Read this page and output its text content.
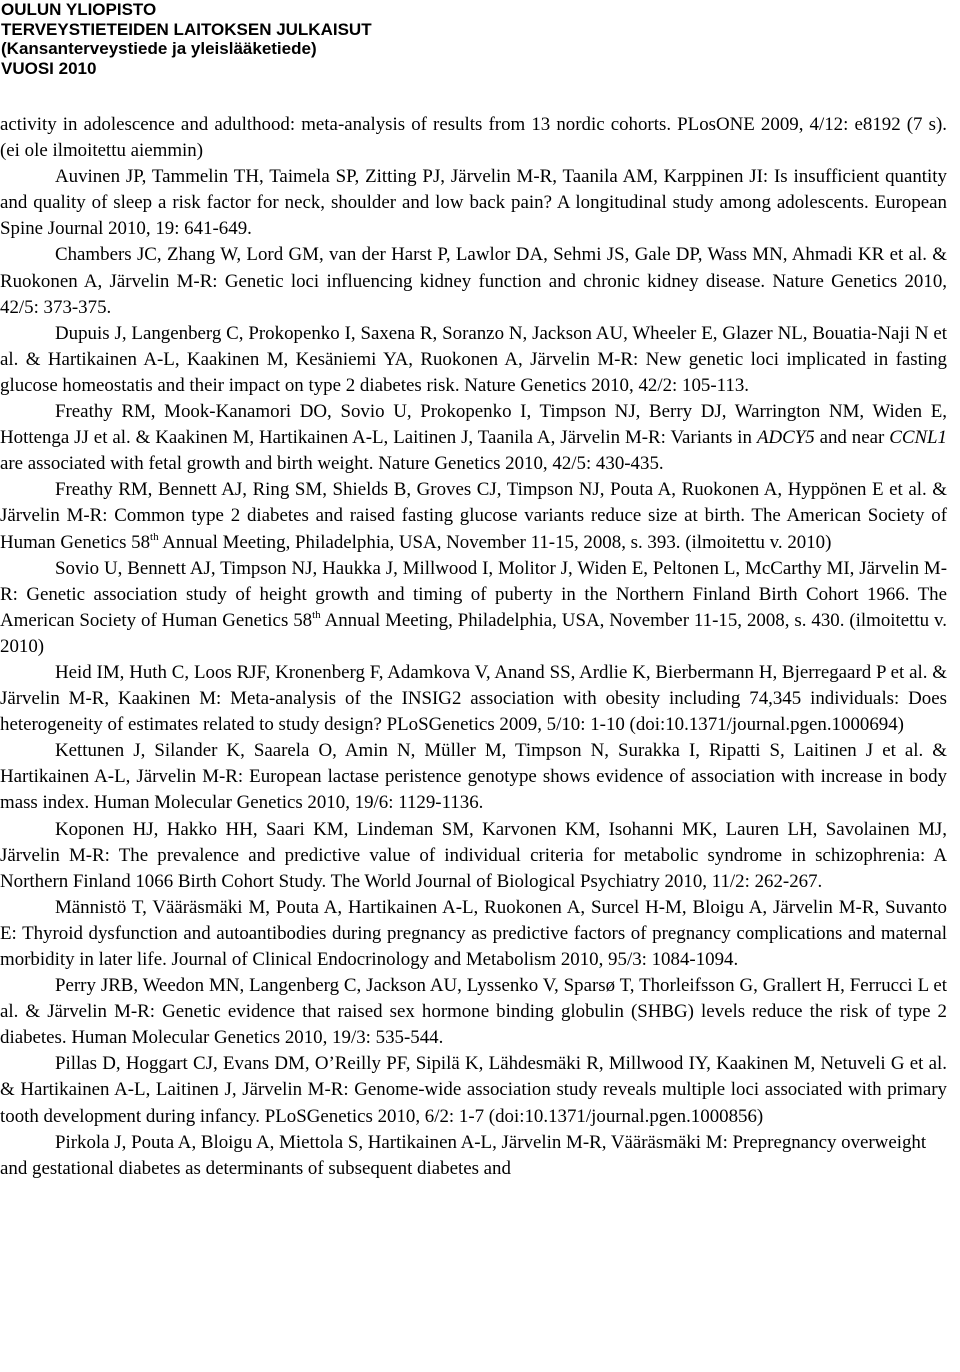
OULUN YLIOPISTO
TERVEYSTIETEIDEN LAITOKSEN JULKAISUT
(Kansanterveystiede ja yleislääketiede)
VUOSI 2010

activity in adolescence and adulthood: meta-analysis of results from 13 nordic cohorts. PLosONE 2009, 4/12: e8192 (7 s). (ei ole ilmoitettu aiemmin)

Auvinen JP, Tammelin TH, Taimela SP, Zitting PJ, Järvelin M-R, Taanila AM, Karppinen JI: Is insufficient quantity and quality of sleep a risk factor for neck, shoulder and low back pain? A longitudinal study among adolescents. European Spine Journal 2010, 19: 641-649.

Chambers JC, Zhang W, Lord GM, van der Harst P, Lawlor DA, Sehmi JS, Gale DP, Wass MN, Ahmadi KR et al. & Ruokonen A, Järvelin M-R: Genetic loci influencing kidney function and chronic kidney disease. Nature Genetics 2010, 42/5: 373-375.

Dupuis J, Langenberg C, Prokopenko I, Saxena R, Soranzo N, Jackson AU, Wheeler E, Glazer NL, Bouatia-Naji N et al. & Hartikainen A-L, Kaakinen M, Kesäniemi YA, Ruokonen A, Järvelin M-R: New genetic loci implicated in fasting glucose homeostatis and their impact on type 2 diabetes risk. Nature Genetics 2010, 42/2: 105-113.

Freathy RM, Mook-Kanamori DO, Sovio U, Prokopenko I, Timpson NJ, Berry DJ, Warrington NM, Widen E, Hottenga JJ et al. & Kaakinen M, Hartikainen A-L, Laitinen J, Taanila A, Järvelin M-R: Variants in ADCY5 and near CCNL1 are associated with fetal growth and birth weight. Nature Genetics 2010, 42/5: 430-435.

Freathy RM, Bennett AJ, Ring SM, Shields B, Groves CJ, Timpson NJ, Pouta A, Ruokonen A, Hyppönen E et al. & Järvelin M-R: Common type 2 diabetes and raised fasting glucose variants reduce size at birth. The American Society of Human Genetics 58th Annual Meeting, Philadelphia, USA, November 11-15, 2008, s. 393. (ilmoitettu v. 2010)

Sovio U, Bennett AJ, Timpson NJ, Haukka J, Millwood I, Molitor J, Widen E, Peltonen L, McCarthy MI, Järvelin M-R: Genetic association study of height growth and timing of puberty in the Northern Finland Birth Cohort 1966. The American Society of Human Genetics 58th Annual Meeting, Philadelphia, USA, November 11-15, 2008, s. 430. (ilmoitettu v. 2010)

Heid IM, Huth C, Loos RJF, Kronenberg F, Adamkova V, Anand SS, Ardlie K, Bierbermann H, Bjerregaard P et al. & Järvelin M-R, Kaakinen M: Meta-analysis of the INSIG2 association with obesity including 74,345 individuals: Does heterogeneity of estimates related to study design? PLoSGenetics 2009, 5/10: 1-10 (doi:10.1371/journal.pgen.1000694)

Kettunen J, Silander K, Saarela O, Amin N, Müller M, Timpson N, Surakka I, Ripatti S, Laitinen J et al. & Hartikainen A-L, Järvelin M-R: European lactase peristence genotype shows evidence of association with increase in body mass index. Human Molecular Genetics 2010, 19/6: 1129-1136.

Koponen HJ, Hakko HH, Saari KM, Lindeman SM, Karvonen KM, Isohanni MK, Lauren LH, Savolainen MJ, Järvelin M-R: The prevalence and predictive value of individual criteria for metabolic syndrome in schizophrenia: A Northern Finland 1066 Birth Cohort Study. The World Journal of Biological Psychiatry 2010, 11/2: 262-267.

Männistö T, Vääräsmäki M, Pouta A, Hartikainen A-L, Ruokonen A, Surcel H-M, Bloigu A, Järvelin M-R, Suvanto E: Thyroid dysfunction and autoantibodies during pregnancy as predictive factors of pregnancy complications and maternal morbidity in later life. Journal of Clinical Endocrinology and Metabolism 2010, 95/3: 1084-1094.

Perry JRB, Weedon MN, Langenberg C, Jackson AU, Lyssenko V, Sparsø T, Thorleifsson G, Grallert H, Ferrucci L et al. & Järvelin M-R: Genetic evidence that raised sex hormone binding globulin (SHBG) levels reduce the risk of type 2 diabetes. Human Molecular Genetics 2010, 19/3: 535-544.

Pillas D, Hoggart CJ, Evans DM, O’Reilly PF, Sipilä K, Lähdesmäki R, Millwood IY, Kaakinen M, Netuveli G et al. & Hartikainen A-L, Laitinen J, Järvelin M-R: Genome-wide association study reveals multiple loci associated with primary tooth development during infancy. PLoSGenetics 2010, 6/2: 1-7 (doi:10.1371/journal.pgen.1000856)

Pirkola J, Pouta A, Bloigu A, Miettola S, Hartikainen A-L, Järvelin M-R, Vääräsmäki M: Prepregnancy overweight and gestational diabetes as determinants of subsequent diabetes and
